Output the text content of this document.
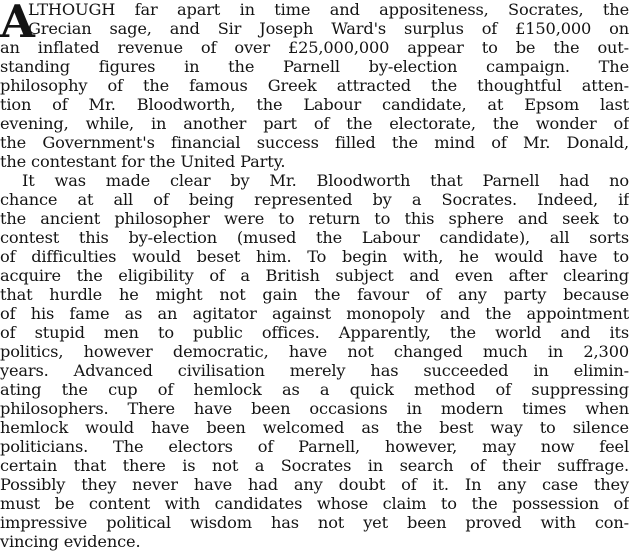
A
LTHOUGH far apart in time and appositeness, Socrates, the
Grecian sage, and Sir Joseph Ward's surplus of £150,000 on
an inflated revenue of over £25,000,000 appear to be the out-
standing figures in the Parnell by-election campaign. The
philosophy of the famous Greek attracted the thoughtful atten-
tion of Mr. Bloodworth, the Labour candidate, at Epsom last
evening, while, in another part of the electorate, the wonder of
the Government's financial success filled the mind of Mr. Donald,
the contestant for the United Party.
It was made clear by Mr. Bloodworth that Parnell had no
chance at all of being represented by a Socrates. Indeed, if
the ancient philosopher were to return to this sphere and seek to
contest this by-election (mused the Labour candidate), all sorts
of difficulties would beset him. To begin with, he would have to
acquire the eligibility of a British subject and even after clearing
that hurdle he might not gain the favour of any party because
of his fame as an agitator against monopoly and the appointment
of stupid men to public offices. Apparently, the world and its
politics, however democratic, have not changed much in 2,300
years. Advanced civilisation merely has succeeded in elimin-
ating the cup of hemlock as a quick method of suppressing
philosophers. There have been occasions in modern times when
hemlock would have been welcomed as the best way to silence
politicians. The electors of Parnell, however, may now feel
certain that there is not a Socrates in search of their suffrage.
Possibly they never have had any doubt of it. In any case they
must be content with candidates whose claim to the possession of
impressive political wisdom has not yet been proved with con-
vincing evidence.
